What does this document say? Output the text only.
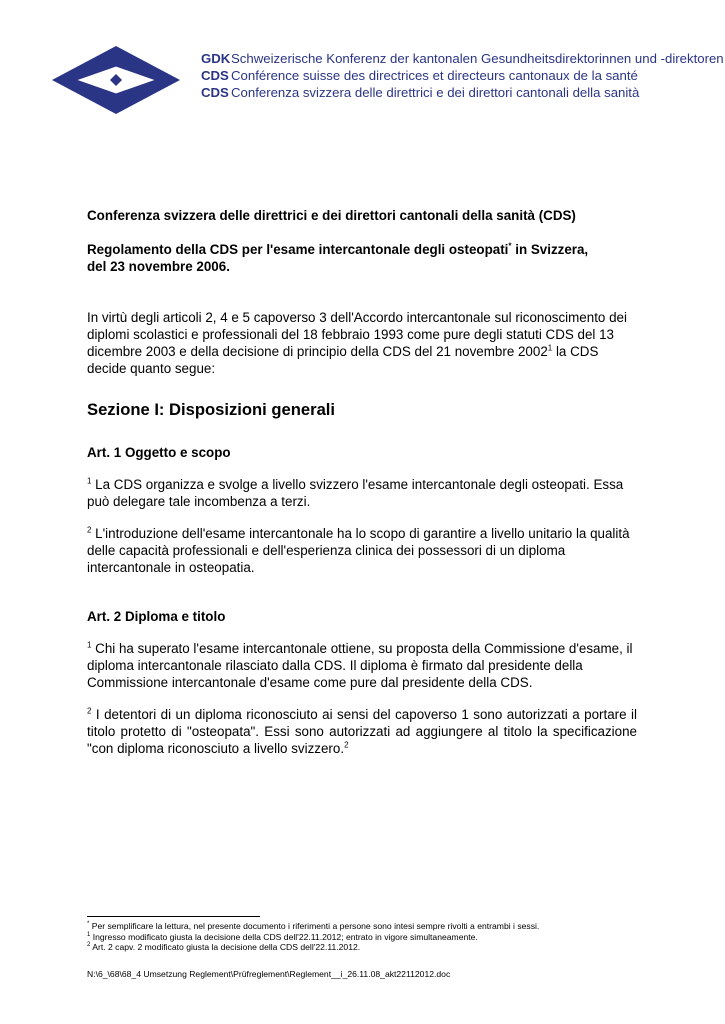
GDKSchweizerische Konferenz der kantonalen Gesundheitsdirektorinnen und -direktoren
CDS Conférence suisse des directrices et directeurs cantonaux de la santé
CDS Conferenza svizzera delle direttrici e dei direttori cantonali della sanità

Conferenza svizzera delle direttrici e dei direttori cantonali della sanità (CDS)

Regolamento della CDS per l'esame intercantonale degli osteopati* in Svizzera,
del 23 novembre 2006.

In virtù degli articoli 2, 4 e 5 capoverso 3 dell'Accordo intercantonale sul riconoscimento dei diplomi scolastici e professionali del 18 febbraio 1993 come pure degli statuti CDS del 13 dicembre 2003 e della decisione di principio della CDS del 21 novembre 2002$^1$ la CDS decide quanto segue:

Sezione I: Disposizioni generali

Art. 1 Oggetto e scopo

$^1$ La CDS organizza e svolge a livello svizzero l'esame intercantonale degli osteopati. Essa può delegare tale incombenza a terzi.

$^2$ L'introduzione dell'esame intercantonale ha lo scopo di garantire a livello unitario la qualità delle capacità professionali e dell'esperienza clinica dei possessori di un diploma intercantonale in osteopatia.

Art. 2 Diploma e titolo

$^1$ Chi ha superato l'esame intercantonale ottiene, su proposta della Commissione d'esame, il diploma intercantonale rilasciato dalla CDS. Il diploma è firmato dal presidente della Commissione intercantonale d'esame come pure dal presidente della CDS.

$^2$ I detentori di un diploma riconosciuto ai sensi del capoverso 1 sono autorizzati a portare il titolo protetto di "osteopata". Essi sono autorizzati ad aggiungere al titolo la specificazione "con diploma riconosciuto a livello svizzero.$^2$

* Per semplificare la lettura, nel presente documento i riferimenti a persone sono intesi sempre rivolti a entrambi i sessi.

$^1$ Ingresso modificato giusta la decisione della CDS dell'22.11.2012; entrato in vigore simultaneamente.

$^2$ Art. 2 capv. 2 modificato giusta la decisione della CDS dell'22.11.2012.

N:\6_\68\68_4 Umsetzung Reglement\Prüfreglement\Reglement__i_26.11.08_akt22112012.doc
